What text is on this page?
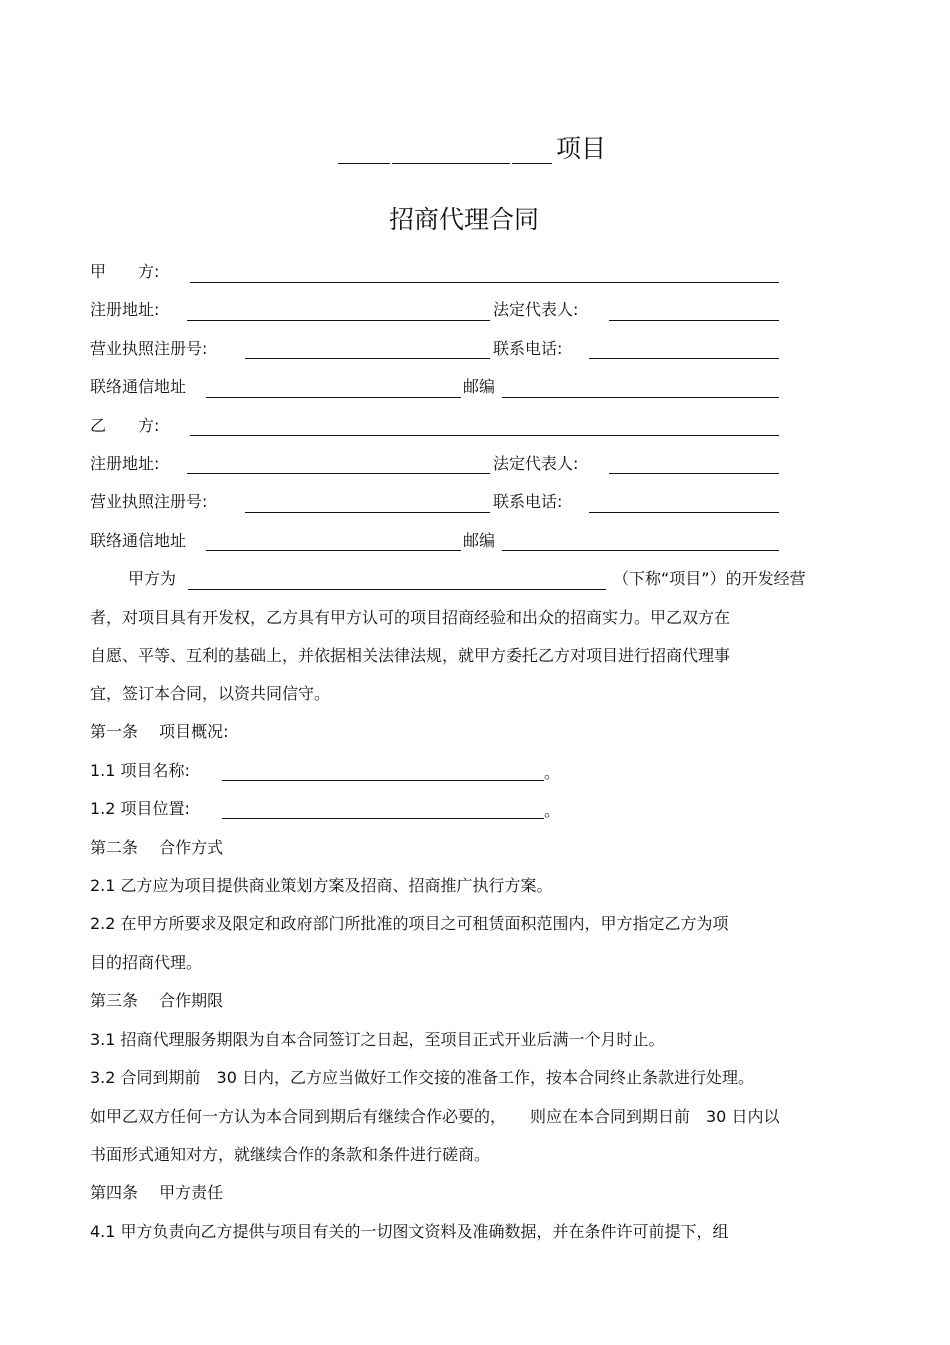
项目
招商代理合同
甲　　方:
注册地址:	法定代表人:
营业执照注册号:	联系电话:
联络通信地址	邮编
乙　　方:
注册地址:	法定代表人:
营业执照注册号:	联系电话:
联络通信地址	邮编
甲方为	（下称“项目”）的开发经营
者，对项目具有开发权，乙方具有甲方认可的项目招商经验和出众的招商实力。甲乙双方在
自愿、平等、互利的基础上，并依据相关法律法规，就甲方委托乙方对项目进行招商代理事
宜，签订本合同，以资共同信守。
第一条　 项目概况:
1.1 项目名称:	。
1.2 项目位置:	。
第二条　 合作方式
2.1 乙方应为项目提供商业策划方案及招商、招商推广执行方案。
2.2 在甲方所要求及限定和政府部门所批准的项目之可租赁面积范围内，甲方指定乙方为项
目的招商代理。
第三条　 合作期限
3.1 招商代理服务期限为自本合同签订之日起，至项目正式开业后满一个月时止。
3.2 合同到期前　30 日内，乙方应当做好工作交接的准备工作，按本合同终止条款进行处理。
如甲乙双方任何一方认为本合同到期后有继续合作必要的，　　则应在本合同到期日前　30 日内以
书面形式通知对方，就继续合作的条款和条件进行磋商。
第四条　 甲方责任
4.1 甲方负责向乙方提供与项目有关的一切图文资料及准确数据，并在条件许可前提下，组
